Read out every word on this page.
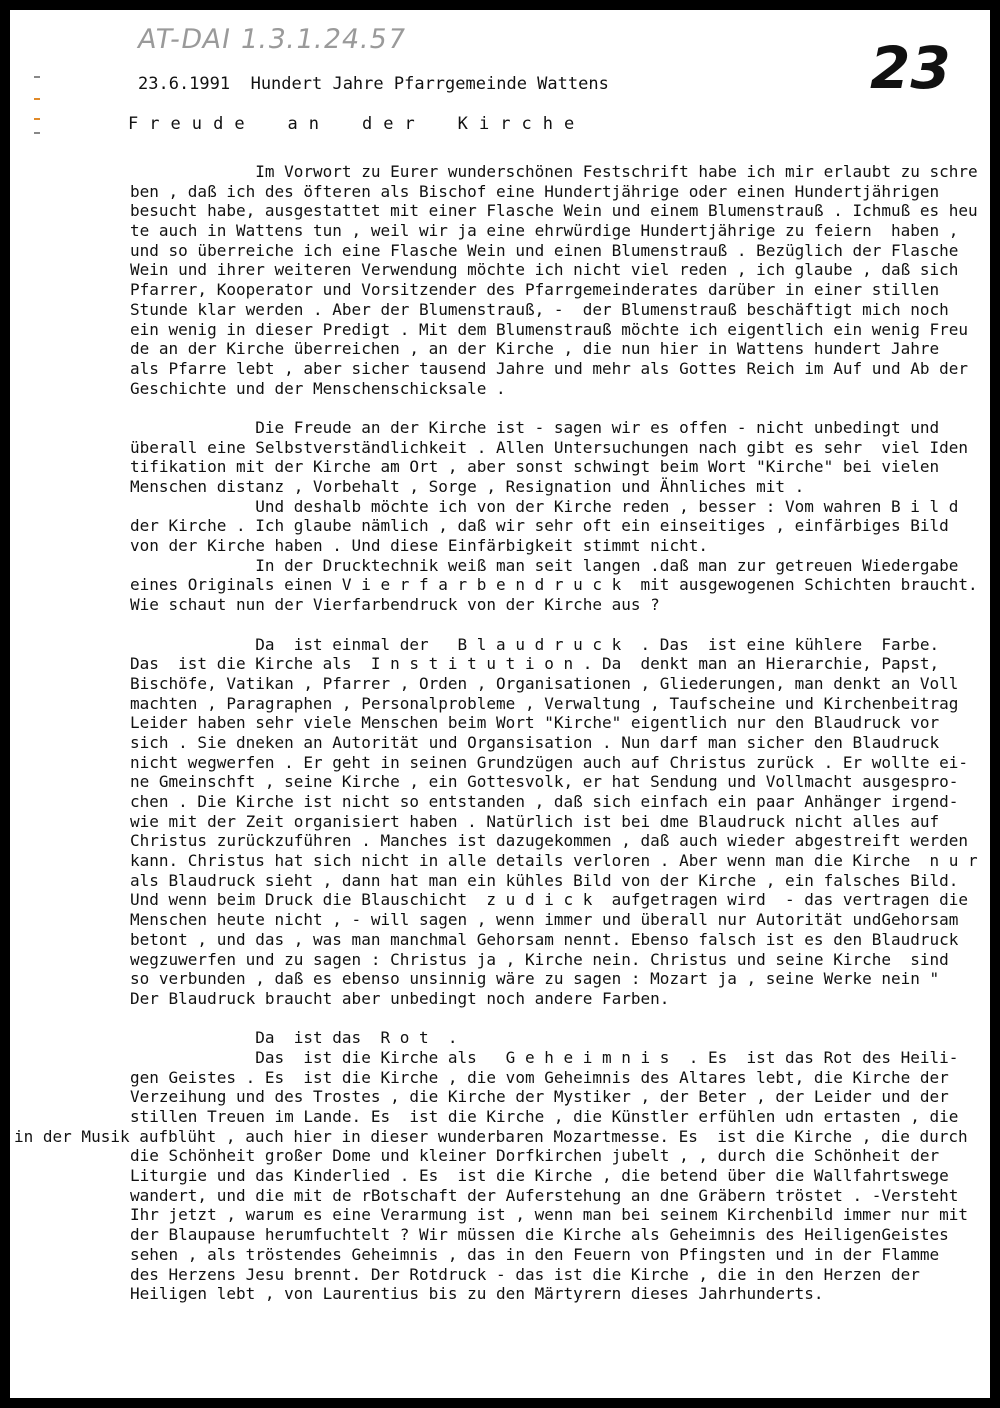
AT-DAI 1.3.1.24.57	23
23.6.1991  Hundert Jahre Pfarrgemeinde Wattens
F r e u d e    a n    d e r    K i r c h e
Im Vorwort zu Eurer wunderschönen Festschrift habe ich mir erlaubt zu schre
ben , daß ich des öfteren als Bischof eine Hundertjährige oder einen Hundertjährigen
besucht habe, ausgestattet mit einer Flasche Wein und einem Blumenstrauß . Ichmuß es heu
te auch in Wattens tun , weil wir ja eine ehrwürdige Hundertjährige zu feiern  haben ,
und so überreiche ich eine Flasche Wein und einen Blumenstrauß . Bezüglich der Flasche
Wein und ihrer weiteren Verwendung möchte ich nicht viel reden , ich glaube , daß sich
Pfarrer, Kooperator und Vorsitzender des Pfarrgemeinderates darüber in einer stillen
Stunde klar werden . Aber der Blumenstrauß, -  der Blumenstrauß beschäftigt mich noch
ein wenig in dieser Predigt . Mit dem Blumenstrauß möchte ich eigentlich ein wenig Freu
de an der Kirche überreichen , an der Kirche , die nun hier in Wattens hundert Jahre
als Pfarre lebt , aber sicher tausend Jahre und mehr als Gottes Reich im Auf und Ab der
Geschichte und der Menschenschicksale .
Die Freude an der Kirche ist - sagen wir es offen - nicht unbedingt und
überall eine Selbstverständlichkeit . Allen Untersuchungen nach gibt es sehr  viel Iden
tifikation mit der Kirche am Ort , aber sonst schwingt beim Wort "Kirche" bei vielen
Menschen distanz , Vorbehalt , Sorge , Resignation und Ähnliches mit .
Und deshalb möchte ich von der Kirche reden , besser : Vom wahren B i l d
der Kirche . Ich glaube nämlich , daß wir sehr oft ein einseitiges , einfärbiges Bild
von der Kirche haben . Und diese Einfärbigkeit stimmt nicht.
In der Drucktechnik weiß man seit langen .daß man zur getreuen Wiedergabe
eines Originals einen V i e r f a r b e n d r u c k  mit ausgewogenen Schichten braucht.
Wie schaut nun der Vierfarbendruck von der Kirche aus ?
Da  ist einmal der   B l a u d r u c k  . Das  ist eine kühlere  Farbe.
Das  ist die Kirche als  I n s t i t u t i o n . Da  denkt man an Hierarchie, Papst,
Bischöfe, Vatikan , Pfarrer , Orden , Organisationen , Gliederungen, man denkt an Voll
machten , Paragraphen , Personalprobleme , Verwaltung , Taufscheine und Kirchenbeitrag
Leider haben sehr viele Menschen beim Wort "Kirche" eigentlich nur den Blaudruck vor
sich . Sie dneken an Autorität und Organsisation . Nun darf man sicher den Blaudruck
nicht wegwerfen . Er geht in seinen Grundzügen auch auf Christus zurück . Er wollte ei-
ne Gmeinschft , seine Kirche , ein Gottesvolk, er hat Sendung und Vollmacht ausgespro-
chen . Die Kirche ist nicht so entstanden , daß sich einfach ein paar Anhänger irgend-
wie mit der Zeit organisiert haben . Natürlich ist bei dme Blaudruck nicht alles auf
Christus zurückzuführen . Manches ist dazugekommen , daß auch wieder abgestreift werden
kann. Christus hat sich nicht in alle details verloren . Aber wenn man die Kirche  n u r
als Blaudruck sieht , dann hat man ein kühles Bild von der Kirche , ein falsches Bild.
Und wenn beim Druck die Blauschicht  z u d i c k  aufgetragen wird  - das vertragen die
Menschen heute nicht , - will sagen , wenn immer und überall nur Autorität undGehorsam
betont , und das , was man manchmal Gehorsam nennt. Ebenso falsch ist es den Blaudruck
wegzuwerfen und zu sagen : Christus ja , Kirche nein. Christus und seine Kirche  sind
so verbunden , daß es ebenso unsinnig wäre zu sagen : Mozart ja , seine Werke nein "
Der Blaudruck braucht aber unbedingt noch andere Farben.
Da  ist das  R o t  .
Das  ist die Kirche als   G e h e i m n i s  . Es  ist das Rot des Heili-
gen Geistes . Es  ist die Kirche , die vom Geheimnis des Altares lebt, die Kirche der
Verzeihung und des Trostes , die Kirche der Mystiker , der Beter , der Leider und der
stillen Treuen im Lande. Es  ist die Kirche , die Künstler erfühlen udn ertasten , die
in der Musik aufblüht , auch hier in dieser wunderbaren Mozartmesse. Es  ist die Kirche , die durch
die Schönheit großer Dome und kleiner Dorfkirchen jubelt , , durch die Schönheit der
Liturgie und das Kinderlied . Es  ist die Kirche , die betend über die Wallfahrtswege
wandert, und die mit de rBotschaft der Auferstehung an dne Gräbern tröstet . -Versteht
Ihr jetzt , warum es eine Verarmung ist , wenn man bei seinem Kirchenbild immer nur mit
der Blaupause herumfuchtelt ? Wir müssen die Kirche als Geheimnis des HeiligenGeistes
sehen , als tröstendes Geheimnis , das in den Feuern von Pfingsten und in der Flamme
des Herzens Jesu brennt. Der Rotdruck - das ist die Kirche , die in den Herzen der
Heiligen lebt , von Laurentius bis zu den Märtyrern dieses Jahrhunderts.
